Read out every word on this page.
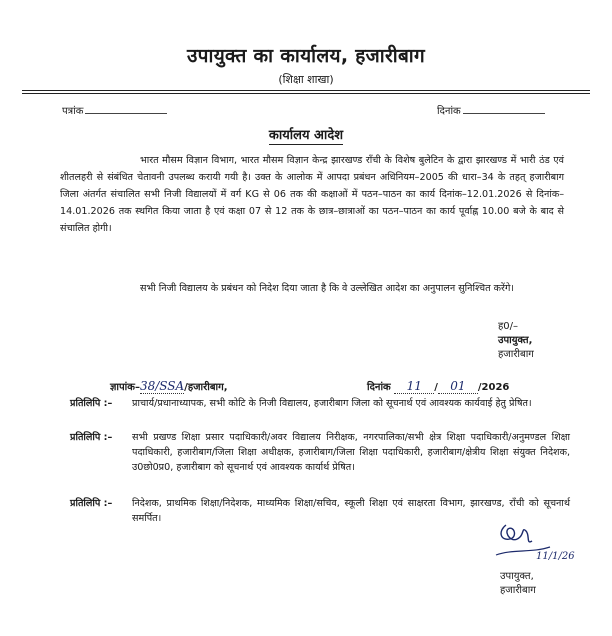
उपायुक्त का कार्यालय, हजारीबाग
(शिक्षा शाखा)
पत्रांक	दिनांक
कार्यालय आदेश
भारत मौसम विज्ञान विभाग, भारत मौसम विज्ञान केन्द्र झारखण्ड राँची के विशेष बुलेटिन के द्वारा झारखण्ड में भारी ठंड एवं शीतलहरी से संबंधित चेतावनी उपलब्ध करायी गयी है। उक्त के आलोक में आपदा प्रबंधन अधिनियम–2005 की धारा–34 के तहत् हजारीबाग जिला अंतर्गत संचालित सभी निजी विद्यालयों में वर्ग KG से 06 तक की कक्षाओं में पठन–पाठन का कार्य दिनांक–12.01.2026 से दिनांक–14.01.2026 तक स्थगित किया जाता है एवं कक्षा 07 से 12 तक के छात्र–छात्राओं का पठन–पाठन का कार्य पूर्वाह्न 10.00 बजे के बाद से संचालित होगी।
सभी निजी विद्यालय के प्रबंधन को निदेश दिया जाता है कि वे उल्लेखित आदेश का अनुपालन सुनिश्चित करेंगे।
ह0/–
उपायुक्त,
हजारीबाग
ज्ञापांक–38/SSA/हजारीबाग,	दिनांक 11 / 01 /2026
प्रतिलिपि :– प्राचार्य/प्रधानाध्यापक, सभी कोटि के निजी विद्यालय, हजारीबाग जिला को सूचनार्थ एवं आवश्यक कार्यवाई हेतु प्रेषित।
प्रतिलिपि :– सभी प्रखण्ड शिक्षा प्रसार पदाधिकारी/अवर विद्यालय निरीक्षक, नगरपालिका/सभी क्षेत्र शिक्षा पदाधिकारी/अनुमण्डल शिक्षा पदाधिकारी, हजारीबाग/जिला शिक्षा अधीक्षक, हजारीबाग/जिला शिक्षा पदाधिकारी, हजारीबाग/क्षेत्रीय शिक्षा संयुक्त निदेशक, उ0छो0प्र0, हजारीबाग को सूचनार्थ एवं आवश्यक कार्यार्थ प्रेषित।
प्रतिलिपि :– निदेशक, प्राथमिक शिक्षा/निदेशक, माध्यमिक शिक्षा/सचिव, स्कूली शिक्षा एवं साक्षरता विभाग, झारखण्ड, राँची को सूचनार्थ समर्पित।
11/1/26
उपायुक्त,
हजारीबाग
